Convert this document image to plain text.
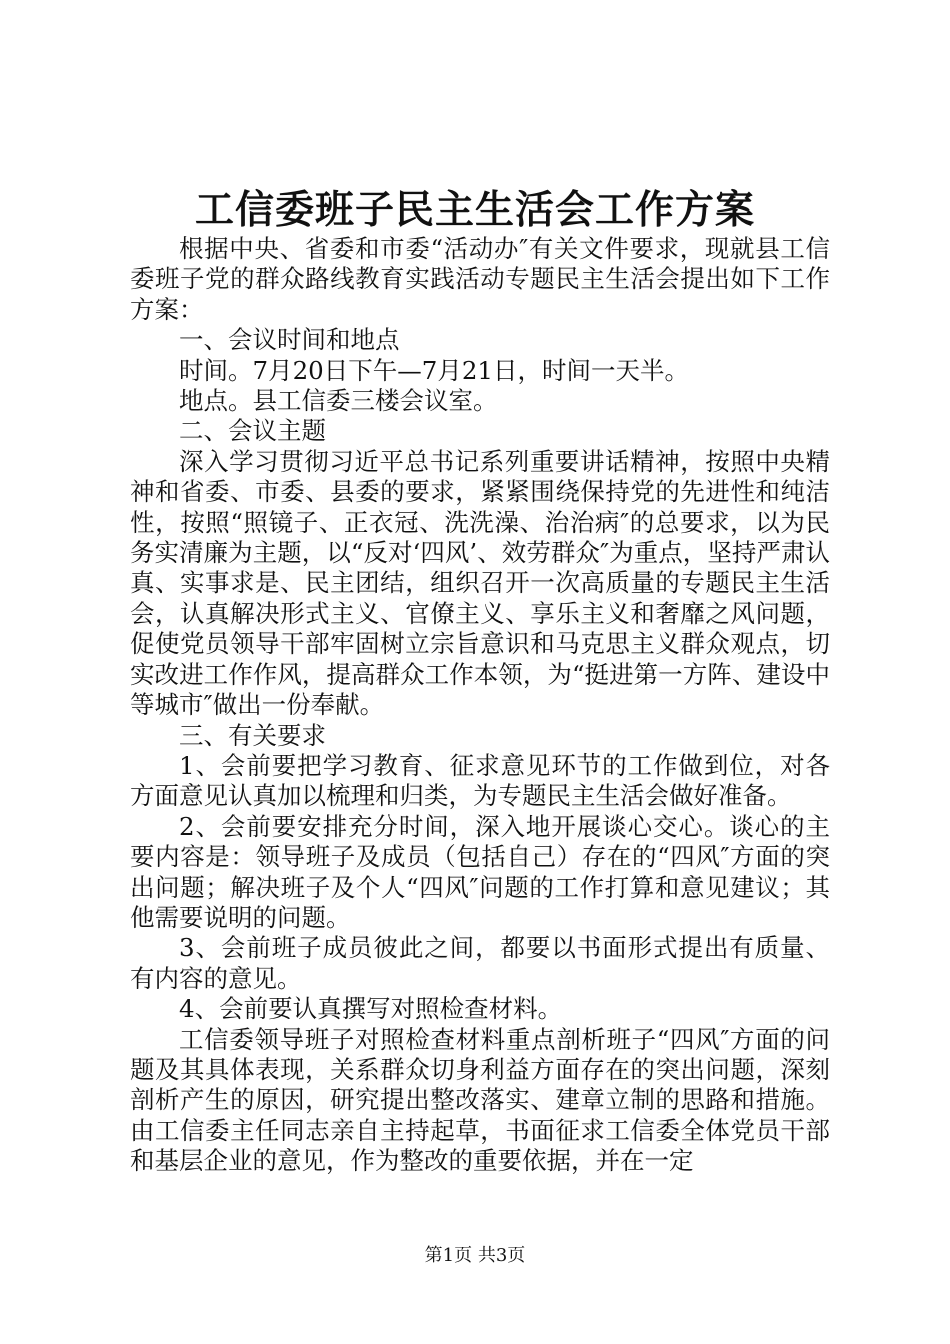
工信委班子民主生活会工作方案

根据中央、省委和市委“活动办″有关文件要求，现就县工信委班子党的群众路线教育实践活动专题民主生活会提出如下工作方案：

一、会议时间和地点

时间。7月20日下午—7月21日，时间一天半。

地点。县工信委三楼会议室。

二、会议主题

深入学习贯彻习近平总书记系列重要讲话精神，按照中央精神和省委、市委、县委的要求，紧紧围绕保持党的先进性和纯洁性，按照“照镜子、正衣冠、洗洗澡、治治病″的总要求，以为民务实清廉为主题，以“反对‘四风’、效劳群众″为重点，坚持严肃认真、实事求是、民主团结，组织召开一次高质量的专题民主生活会，认真解决形式主义、官僚主义、享乐主义和奢靡之风问题，促使党员领导干部牢固树立宗旨意识和马克思主义群众观点，切实改进工作作风，提高群众工作本领，为“挺进第一方阵、建设中等城市″做出一份奉献。

三、有关要求

1、会前要把学习教育、征求意见环节的工作做到位，对各方面意见认真加以梳理和归类，为专题民主生活会做好准备。

2、会前要安排充分时间，深入地开展谈心交心。谈心的主要内容是：领导班子及成员（包括自己）存在的“四风″方面的突出问题；解决班子及个人“四风″问题的工作打算和意见建议；其他需要说明的问题。

3、会前班子成员彼此之间，都要以书面形式提出有质量、有内容的意见。

4、会前要认真撰写对照检查材料。

工信委领导班子对照检查材料重点剖析班子“四风″方面的问题及其具体表现，关系群众切身利益方面存在的突出问题，深刻剖析产生的原因，研究提出整改落实、建章立制的思路和措施。由工信委主任同志亲自主持起草，书面征求工信委全体党员干部和基层企业的意见，作为整改的重要依据，并在一定

第1页 共3页
